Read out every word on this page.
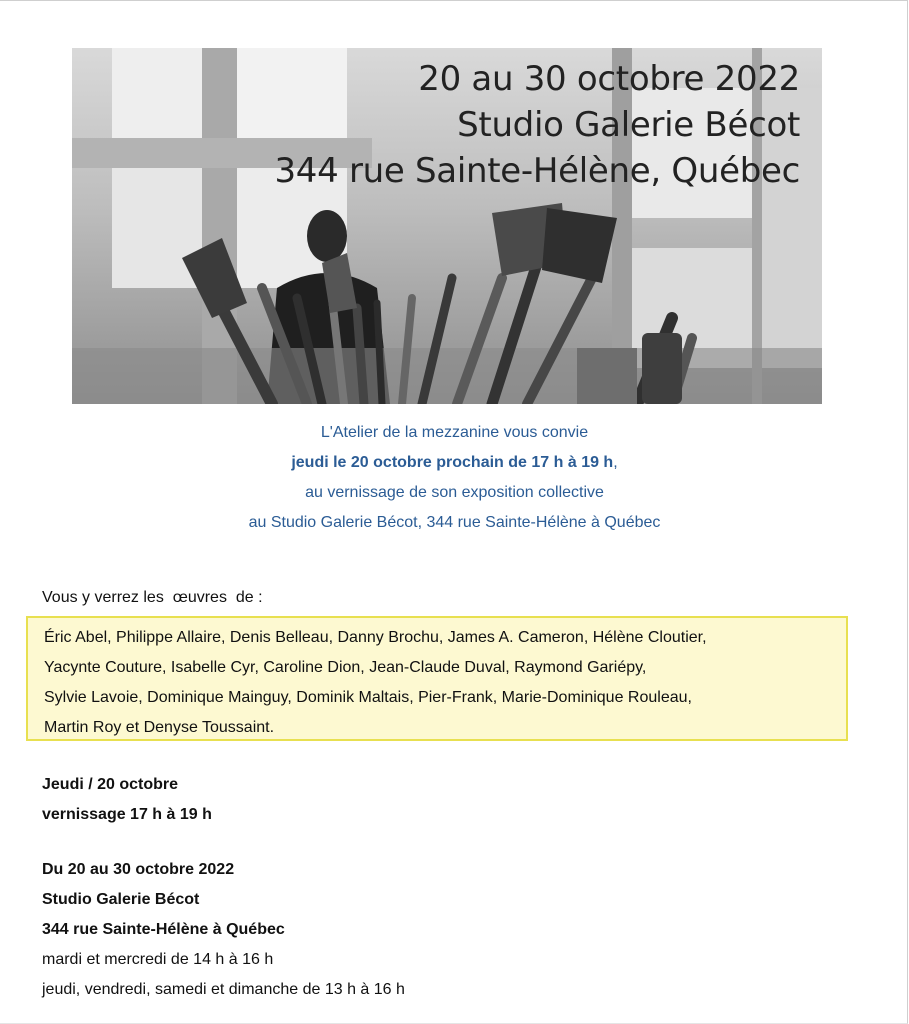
20 au 30 octobre 2022
Studio Galerie Bécot
344 rue Sainte-Hélène, Québec
L'Atelier de la mezzanine vous convie
jeudi le 20 octobre prochain de 17 h à 19 h,
au vernissage de son exposition collective
au Studio Galerie Bécot, 344 rue Sainte-Hélène à Québec
Vous y verrez les  œuvres  de :
Éric Abel, Philippe Allaire, Denis Belleau, Danny Brochu, James A. Cameron, Hélène Cloutier,
Yacynte Couture, Isabelle Cyr, Caroline Dion, Jean-Claude Duval, Raymond Gariépy,
Sylvie Lavoie, Dominique Mainguy, Dominik Maltais, Pier-Frank, Marie-Dominique Rouleau,
Martin Roy et Denyse Toussaint.
Jeudi / 20 octobre
vernissage 17 h à 19 h
Du 20 au 30 octobre 2022
Studio Galerie Bécot
344 rue Sainte-Hélène à Québec
mardi et mercredi de 14 h à 16 h
jeudi, vendredi, samedi et dimanche de 13 h à 16 h
